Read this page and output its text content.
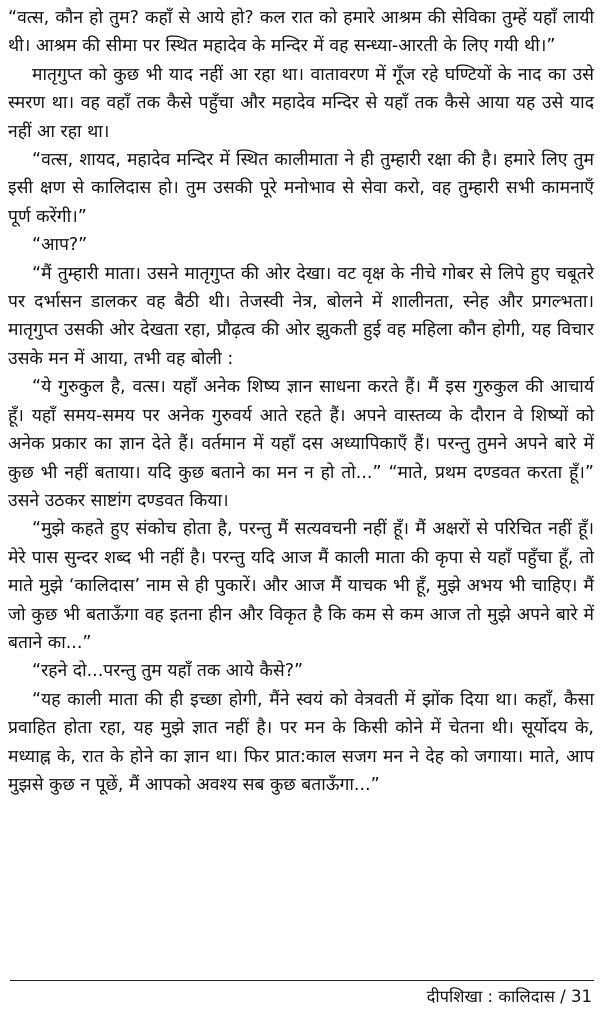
“वत्स, कौन हो तुम? कहाँ से आये हो? कल रात को हमारे आश्रम की सेविका तुम्हें यहाँ लायी थी। आश्रम की सीमा पर स्थित महादेव के मन्दिर में वह सन्ध्या-आरती के लिए गयी थी।”

मातृगुप्त को कुछ भी याद नहीं आ रहा था। वातावरण में गूँज रहे घण्टियों के नाद का उसे स्मरण था। वह वहाँ तक कैसे पहुँचा और महादेव मन्दिर से यहाँ तक कैसे आया यह उसे याद नहीं आ रहा था।

“वत्स, शायद, महादेव मन्दिर में स्थित कालीमाता ने ही तुम्हारी रक्षा की है। हमारे लिए तुम इसी क्षण से कालिदास हो। तुम उसकी पूरे मनोभाव से सेवा करो, वह तुम्हारी सभी कामनाएँ पूर्ण करेंगी।”

“आप?”

“मैं तुम्हारी माता। उसने मातृगुप्त की ओर देखा। वट वृक्ष के नीचे गोबर से लिपे हुए चबूतरे पर दर्भासन डालकर वह बैठी थी। तेजस्वी नेत्र, बोलने में शालीनता, स्नेह और प्रगल्भता। मातृगुप्त उसकी ओर देखता रहा, प्रौढ़त्व की ओर झुकती हुई वह महिला कौन होगी, यह विचार उसके मन में आया, तभी वह बोली :

“ये गुरुकुल है, वत्स। यहाँ अनेक शिष्य ज्ञान साधना करते हैं। मैं इस गुरुकुल की आचार्य हूँ। यहाँ समय-समय पर अनेक गुरुवर्य आते रहते हैं। अपने वास्तव्य के दौरान वे शिष्यों को अनेक प्रकार का ज्ञान देते हैं। वर्तमान में यहाँ दस अध्यापिकाएँ हैं। परन्तु तुमने अपने बारे में कुछ भी नहीं बताया। यदि कुछ बताने का मन न हो तो...” “माते, प्रथम दण्डवत करता हूँ।” उसने उठकर साष्टांग दण्डवत किया।

“मुझे कहते हुए संकोच होता है, परन्तु मैं सत्यवचनी नहीं हूँ। मैं अक्षरों से परिचित नहीं हूँ। मेरे पास सुन्दर शब्द भी नहीं है। परन्तु यदि आज मैं काली माता की कृपा से यहाँ पहुँचा हूँ, तो माते मुझे ‘कालिदास’ नाम से ही पुकारें। और आज मैं याचक भी हूँ, मुझे अभय भी चाहिए। मैं जो कुछ भी बताऊँगा वह इतना हीन और विकृत है कि कम से कम आज तो मुझे अपने बारे में बताने का...”

“रहने दो...परन्तु तुम यहाँ तक आये कैसे?”

“यह काली माता की ही इच्छा होगी, मैंने स्वयं को वेत्रवती में झोंक दिया था। कहाँ, कैसा प्रवाहित होता रहा, यह मुझे ज्ञात नहीं है। पर मन के किसी कोने में चेतना थी। सूर्योदय के, मध्याह्न के, रात के होने का ज्ञान था। फिर प्रात:काल सजग मन ने देह को जगाया। माते, आप मुझसे कुछ न पूछें, मैं आपको अवश्य सब कुछ बताऊँगा...”

दीपशिखा : कालिदास / 31
